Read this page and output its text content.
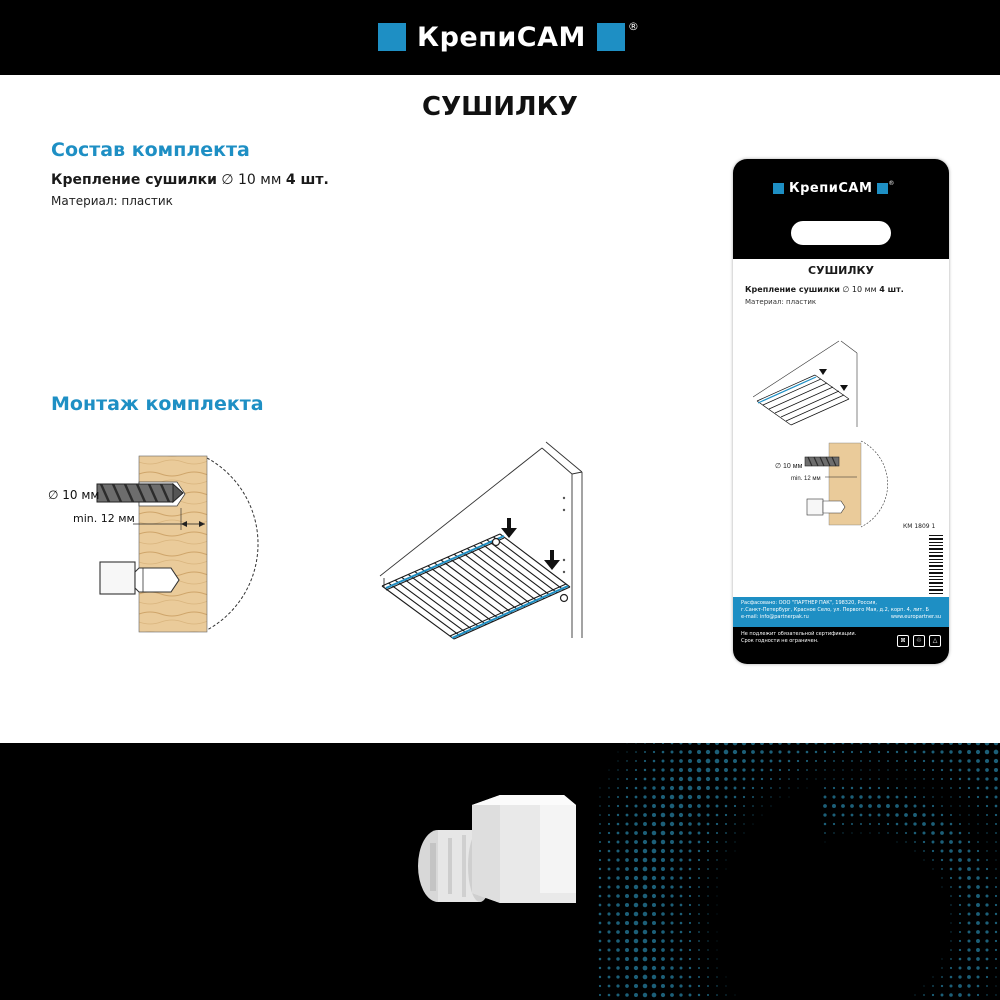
КрепиСАМ	®
СУШИЛКУ
Состав комплекта
Крепление сушилки ∅ 10 мм 4 шт.
Материал: пластик
Монтаж комплекта
∅ 10 мм
min. 12 мм
КрепиСАМ	®
СУШИЛКУ
Крепление сушилки ∅ 10 мм 4 шт.
Материал: пластик
∅ 10 мм
min. 12 мм
КМ 1809 1
Расфасовано: ООО "ПАРТНЕР ПАК", 198320, Россия,
г.Санкт-Петербург, Красное Село, ул. Первого Мая, д.2, корп. 4, лит. Б
e-mail: info@partnerpak.ru	www.europartner.su
Не подлежит обязательной сертификации.
Срок годности не ограничен.	⊠	♲	△
